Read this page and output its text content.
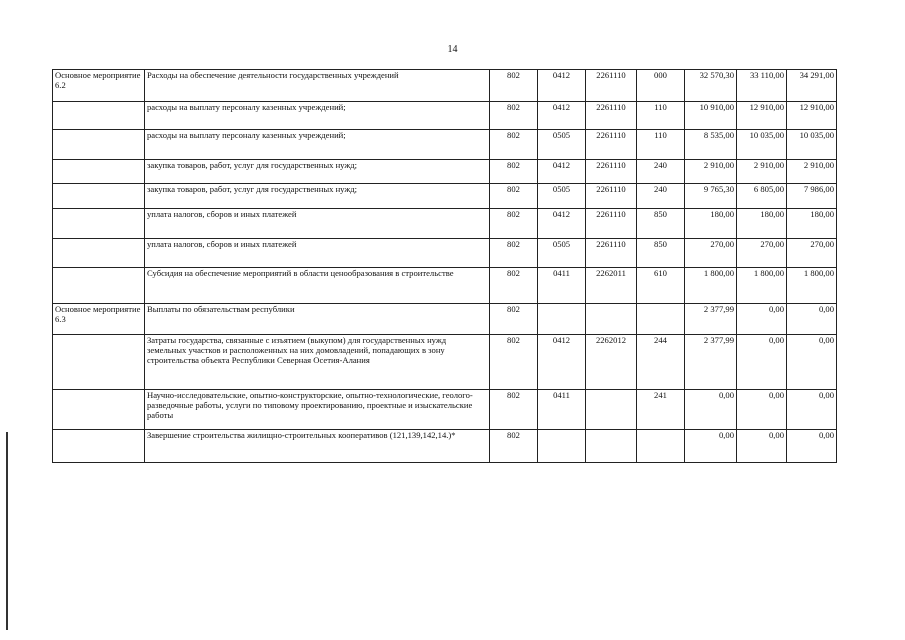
14
Основное мероприятие 6.2	Расходы на обеспечение деятельности государственных учреждений	802	0412	2261110	000	32 570,30	33 110,00	34 291,00

	расходы на выплату персоналу казенных учреждений;	802	0412	2261110	110	10 910,00	12 910,00	12 910,00

	расходы на выплату персоналу казенных учреждений;	802	0505	2261110	110	8 535,00	10 035,00	10 035,00

	закупка товаров, работ, услуг для государственных нужд;	802	0412	2261110	240	2 910,00	2 910,00	2 910,00

	закупка товаров, работ, услуг для государственных нужд;	802	0505	2261110	240	9 765,30	6 805,00	7 986,00

	уплата налогов, сборов и иных платежей	802	0412	2261110	850	180,00	180,00	180,00

	уплата налогов, сборов и иных платежей	802	0505	2261110	850	270,00	270,00	270,00

	Субсидия на обеспечение мероприятий в области ценообразования в строительстве	802	0411	2262011	610	1 800,00	1 800,00	1 800,00
Основное мероприятие 6.3	Выплаты по обязательствам республики	802				2 377,99	0,00	0,00

	Затраты государства, связанные с изъятием (выкупом) для государственных нужд земельных участков и расположенных на них домовладений, попадающих в зону строительства объекта Республики Северная Осетия-Алания	802	0412	2262012	244	2 377,99	0,00	0,00

	Научно-исследовательские, опытно-конструкторские, опытно-технологические, геолого-разведочные работы, услуги по типовому проектированию, проектные и изыскательские работы	802	0411		241	0,00	0,00	0,00

	Завершение строительства жилищно-строительных кооперативов (121,139,142,14.)*	802				0,00	0,00	0,00
